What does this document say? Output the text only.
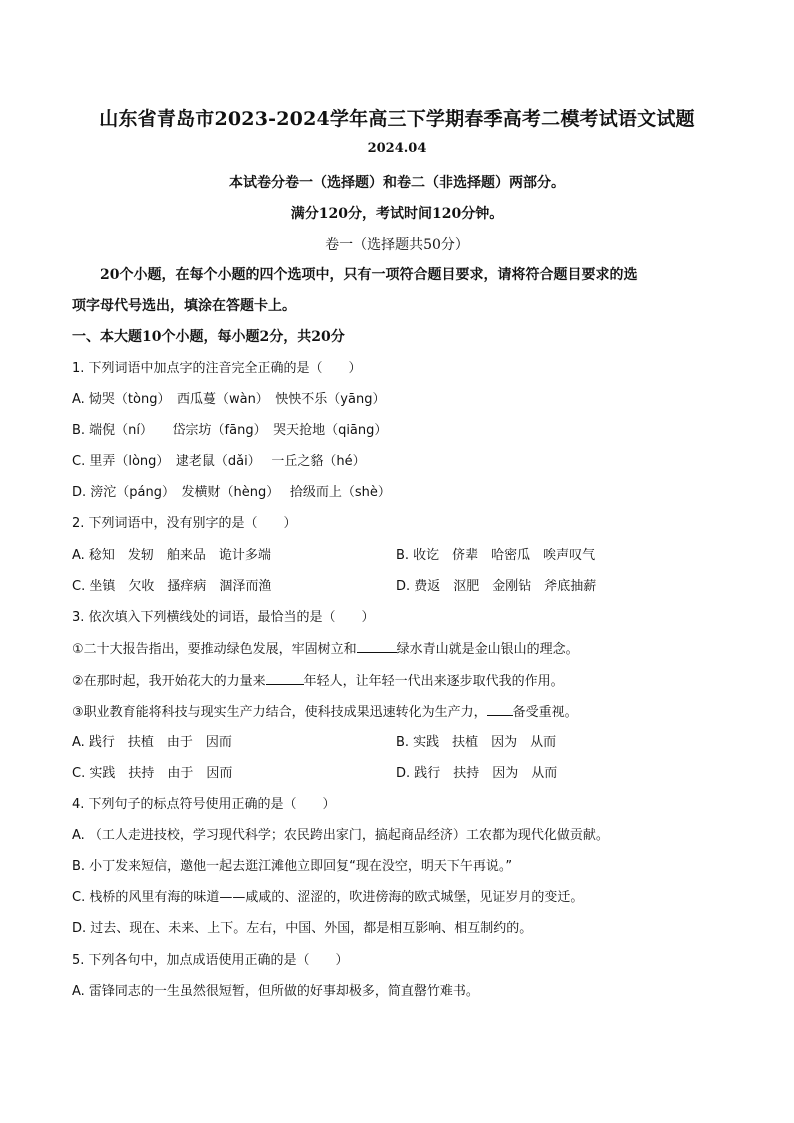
山东省青岛市2023-2024学年高三下学期春季高考二模考试语文试题
2024.04
本试卷分卷一（选择题）和卷二（非选择题）两部分。
满分120分，考试时间120分钟。
卷一（选择题共50分）
20个小题，在每个小题的四个选项中，只有一项符合题目要求，请将符合题目要求的选
项字母代号选出，填涂在答题卡上。
一、本大题10个小题，每小题2分，共20分
1. 下列词语中加点字的注音完全正确的是（　　）
A. 恸哭（tòng）　西瓜蔓（wàn）　怏怏不乐（yāng）
B. 端倪（ní）　　岱宗坊（fāng）　哭天抢地（qiāng）
C. 里弄（lòng）　逮老鼠（dǎi）　 一丘之貉（hé）
D. 滂沱（páng）　发横财（hèng）　 拾级而上（shè）
2. 下列词语中，没有别字的是（　　）
A. 稔知　发轫　舶来品　诡计多端	B. 收讫　侪辈　哈密瓜　唉声叹气
C. 坐镇　欠收　搔痒病　涸泽而渔	D. 费返　沤肥　金刚钻　斧底抽薪
3. 依次填入下列横线处的词语，最恰当的是（　　）
①二十大报告指出，要推动绿色发展，牢固树立和	绿水青山就是金山银山的理念。
②在那时起，我开始花大的力量来	年轻人，让年轻一代出来逐步取代我的作用。
③职业教育能将科技与现实生产力结合，使科技成果迅速转化为生产力， 备受重视。
A. 践行　扶植　由于　因而	B. 实践　扶植　因为　从而
C. 实践　扶持　由于　因而	D. 践行　扶持　因为　从而
4. 下列句子的标点符号使用正确的是（　　）
A. （工人走进技校，学习现代科学；农民跨出家门，搞起商品经济）工农都为现代化做贡献。
B. 小丁发来短信，邀他一起去逛江滩他立即回复“现在没空，明天下午再说。”
C. 栈桥的风里有海的味道——咸咸的、涩涩的，吹进傍海的欧式城堡，见证岁月的变迁。
D. 过去、现在、未来、上下。左右，中国、外国，都是相互影响、相互制约的。
5. 下列各句中，加点成语使用正确的是（　　）
A. 雷锋同志的一生虽然很短暂，但所做的好事却极多，简直罄竹难书。
